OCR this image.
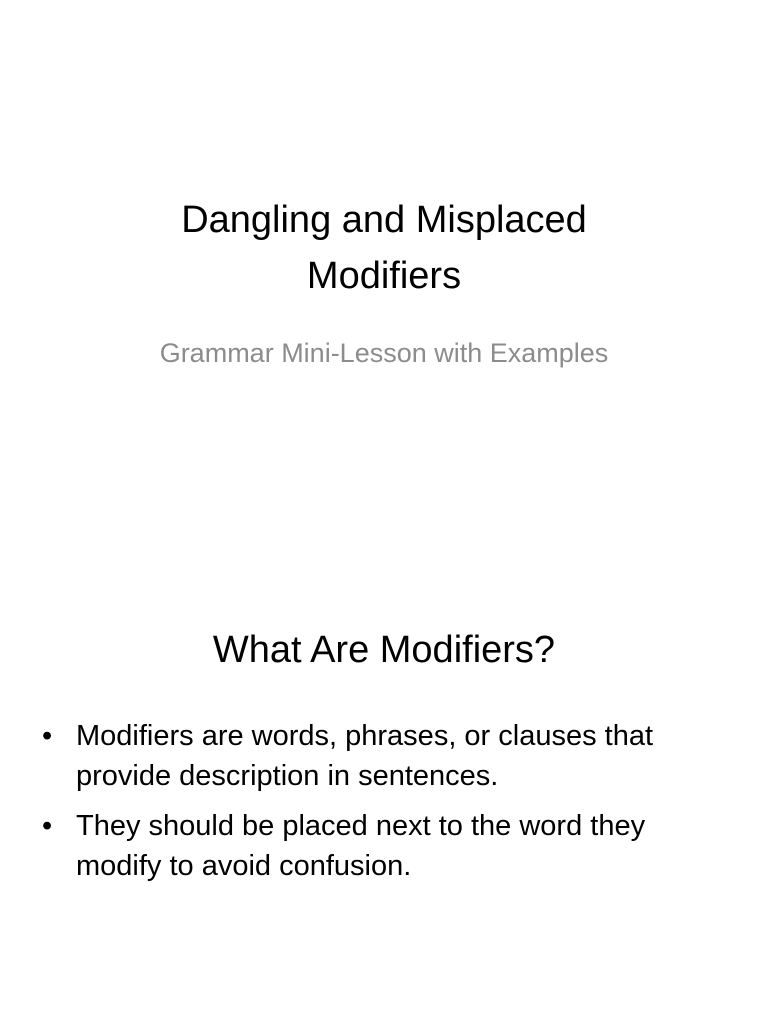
Dangling and Misplaced
Modifiers

Grammar Mini-Lesson with Examples

What Are Modifiers?
• Modifiers are words, phrases, or clauses that provide description in sentences.
• They should be placed next to the word they modify to avoid confusion.
